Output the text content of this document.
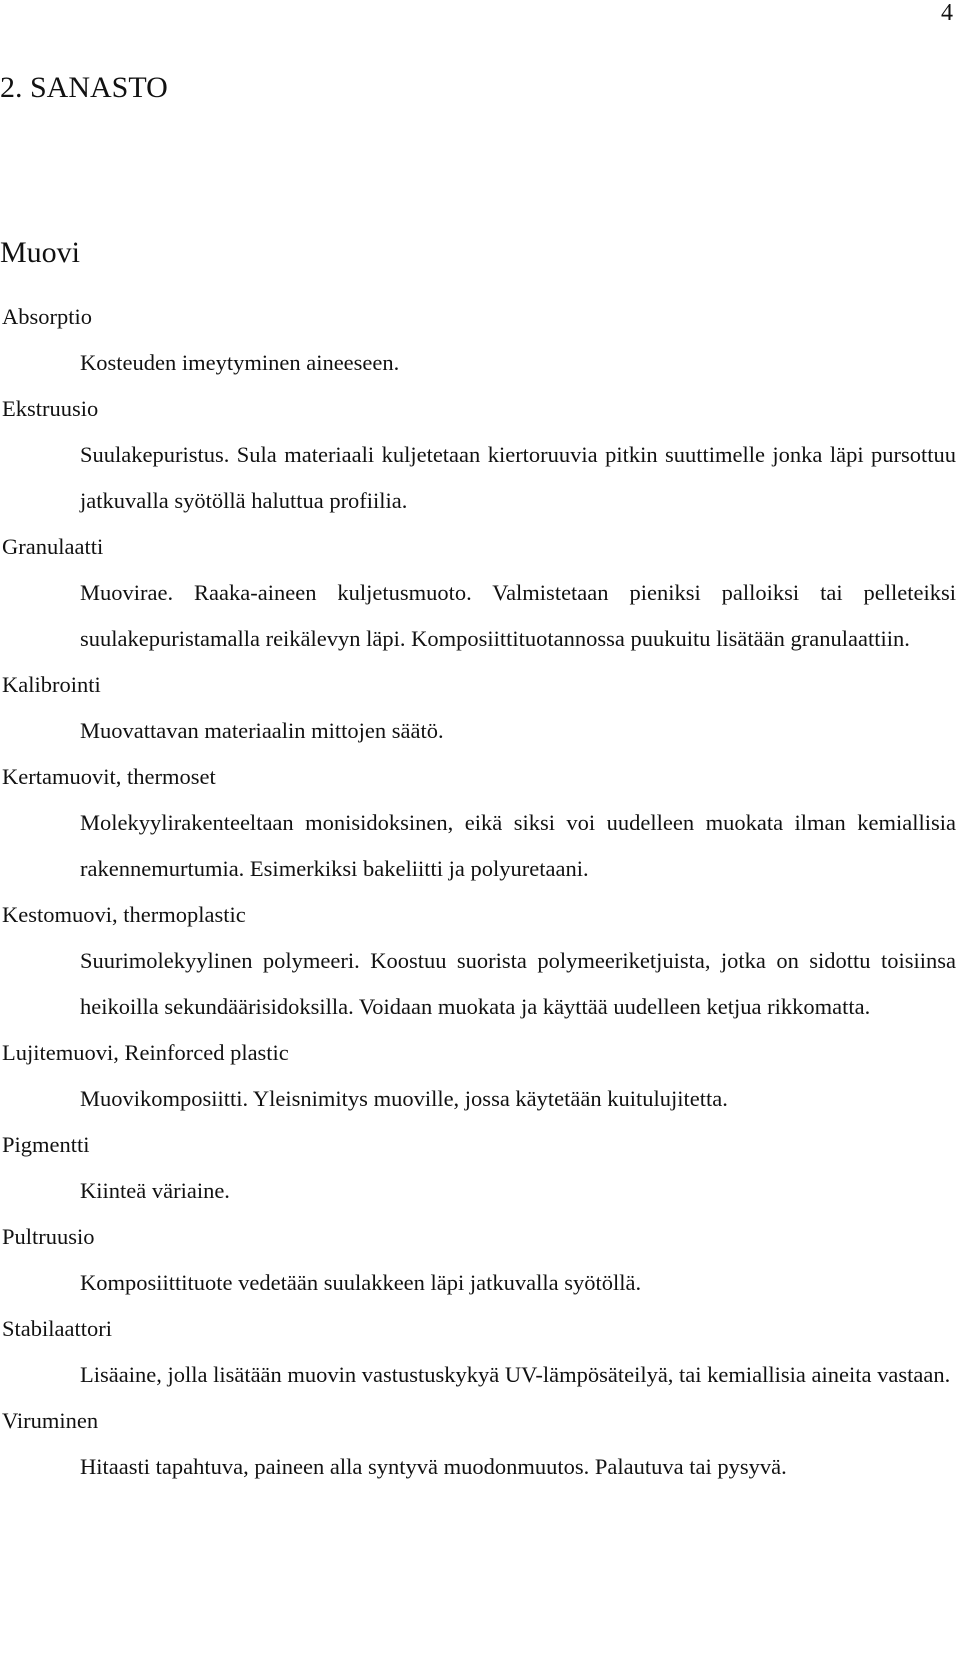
4
2. SANASTO
Muovi
Absorptio
Kosteuden imeytyminen aineeseen.
Ekstruusio
Suulakepuristus. Sula materiaali kuljetetaan kiertoruuvia pitkin suuttimelle jonka läpi pursottuu jatkuvalla syötöllä haluttua profiilia.
Granulaatti
Muovirae. Raaka-aineen kuljetusmuoto. Valmistetaan pieniksi palloiksi tai pelleteiksi suulakepuristamalla reikälevyn läpi. Komposiittituotannossa puukuitu lisätään granulaattiin.
Kalibrointi
Muovattavan materiaalin mittojen säätö.
Kertamuovit, thermoset
Molekyylirakenteeltaan monisidoksinen, eikä siksi voi uudelleen muokata ilman kemiallisia rakennemurtumia. Esimerkiksi bakeliitti ja polyuretaani.
Kestomuovi, thermoplastic
Suurimolekyylinen polymeeri. Koostuu suorista polymeeriketjuista, jotka on sidottu toisiinsa heikoilla sekundäärisidoksilla. Voidaan muokata ja käyttää uudelleen ketjua rikkomatta.
Lujitemuovi, Reinforced plastic
Muovikomposiitti. Yleisnimitys muoville, jossa käytetään kuitulujitetta.
Pigmentti
Kiinteä väriaine.
Pultruusio
Komposiittituote vedetään suulakkeen läpi jatkuvalla syötöllä.
Stabilaattori
Lisäaine, jolla lisätään muovin vastustuskykyä UV-lämpösäteilyä, tai kemiallisia aineita vastaan.
Viruminen
Hitaasti tapahtuva, paineen alla syntyvä muodonmuutos. Palautuva tai pysyvä.
